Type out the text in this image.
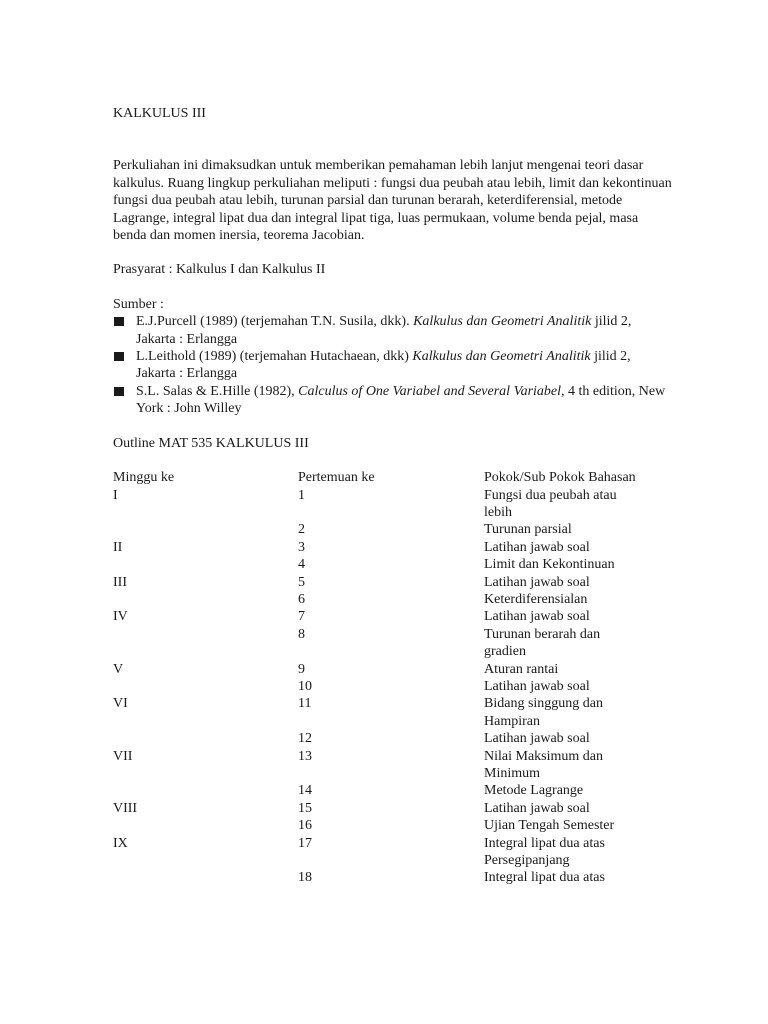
KALKULUS III

Perkuliahan ini dimaksudkan untuk memberikan pemahaman lebih lanjut mengenai teori dasar kalkulus. Ruang lingkup perkuliahan meliputi : fungsi dua peubah atau lebih, limit dan kekontinuan fungsi dua peubah atau lebih, turunan parsial dan turunan berarah, keterdiferensial, metode Lagrange, integral lipat dua dan integral lipat tiga, luas permukaan, volume benda pejal, masa benda dan momen inersia, teorema Jacobian.

Prasyarat : Kalkulus I dan Kalkulus II

Sumber :

E.J.Purcell (1989) (terjemahan T.N. Susila, dkk). Kalkulus dan Geometri Analitik jilid 2, Jakarta : Erlangga
L.Leithold (1989) (terjemahan Hutachaean, dkk) Kalkulus dan Geometri Analitik jilid 2, Jakarta : Erlangga
S.L. Salas & E.Hille (1982), Calculus of One Variabel and Several Variabel, 4 th edition, New York : John Willey

Outline MAT 535 KALKULUS III

Minggu ke	Pertemuan ke	Pokok/Sub Pokok Bahasan
I	1	Fungsi dua peubah atau lebih
	2	Turunan parsial
II	3	Latihan jawab soal
	4	Limit dan Kekontinuan
III	5	Latihan jawab soal
	6	Keterdiferensialan
IV	7	Latihan jawab soal
	8	Turunan berarah dan gradien
V	9	Aturan rantai
	10	Latihan jawab soal
VI	11	Bidang singgung dan Hampiran
	12	Latihan jawab soal
VII	13	Nilai Maksimum dan Minimum
	14	Metode Lagrange
VIII	15	Latihan jawab soal
	16	Ujian Tengah Semester
IX	17	Integral lipat dua atas Persegipanjang
	18	Integral lipat dua atas
